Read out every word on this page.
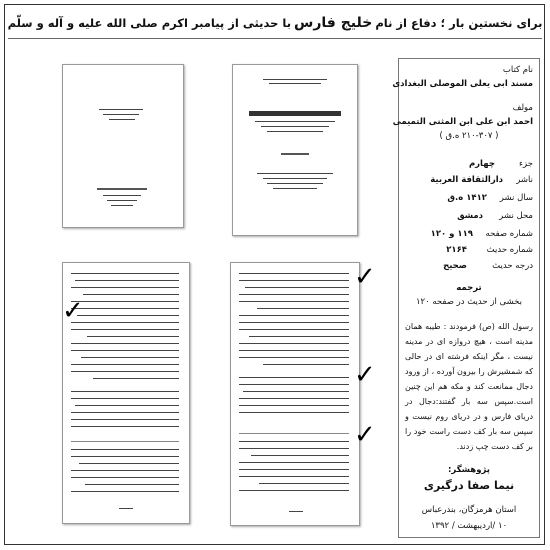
برای نخستین بار ؛ دفاع از نام
خلیج فارس
با حدیثی از پیامبر اکرم صلی الله علیه و آله و سلّم
✓
✓
✓
✓
نام کتاب
مسند ابی یعلی الموصلی البغدادی
مولف
احمد ابن علی ابن المثنی التمیمی
( ۲۱۰-۳۰۷ ه.ق )
جزء
چهارم
ناشر
دارالثقافة العربیة
سال نشر
۱۴۱۲ ه.ق
محل نشر
دمشق
شماره صفحه
۱۱۹ و ۱۲۰
شماره حدیث
۲۱۶۴
درجه حدیث
صحیح
ترجمه
بخشی از حدیث در صفحه ۱۲۰
رسول الله (ص) فرمودند : طیبه همان مدینه است ، هیچ دروازه ای در مدینه نیست ، مگر اینکه فرشته ای در حالی که شمشیرش را بیرون آورده ، از ورود دجال ممانعت کند و مکه هم این چنین است.سپس سه بار گفتند:دجال در دریای فارس و در دریای روم نیست و سپس سه بار کف دست راست خود را بر کف دست چپ زدند.
پژوهشگر:
نیما صفا درگیری
استان هرمزگان، بندرعباس
۱۰ /اردیبهشت / ۱۳۹۲
